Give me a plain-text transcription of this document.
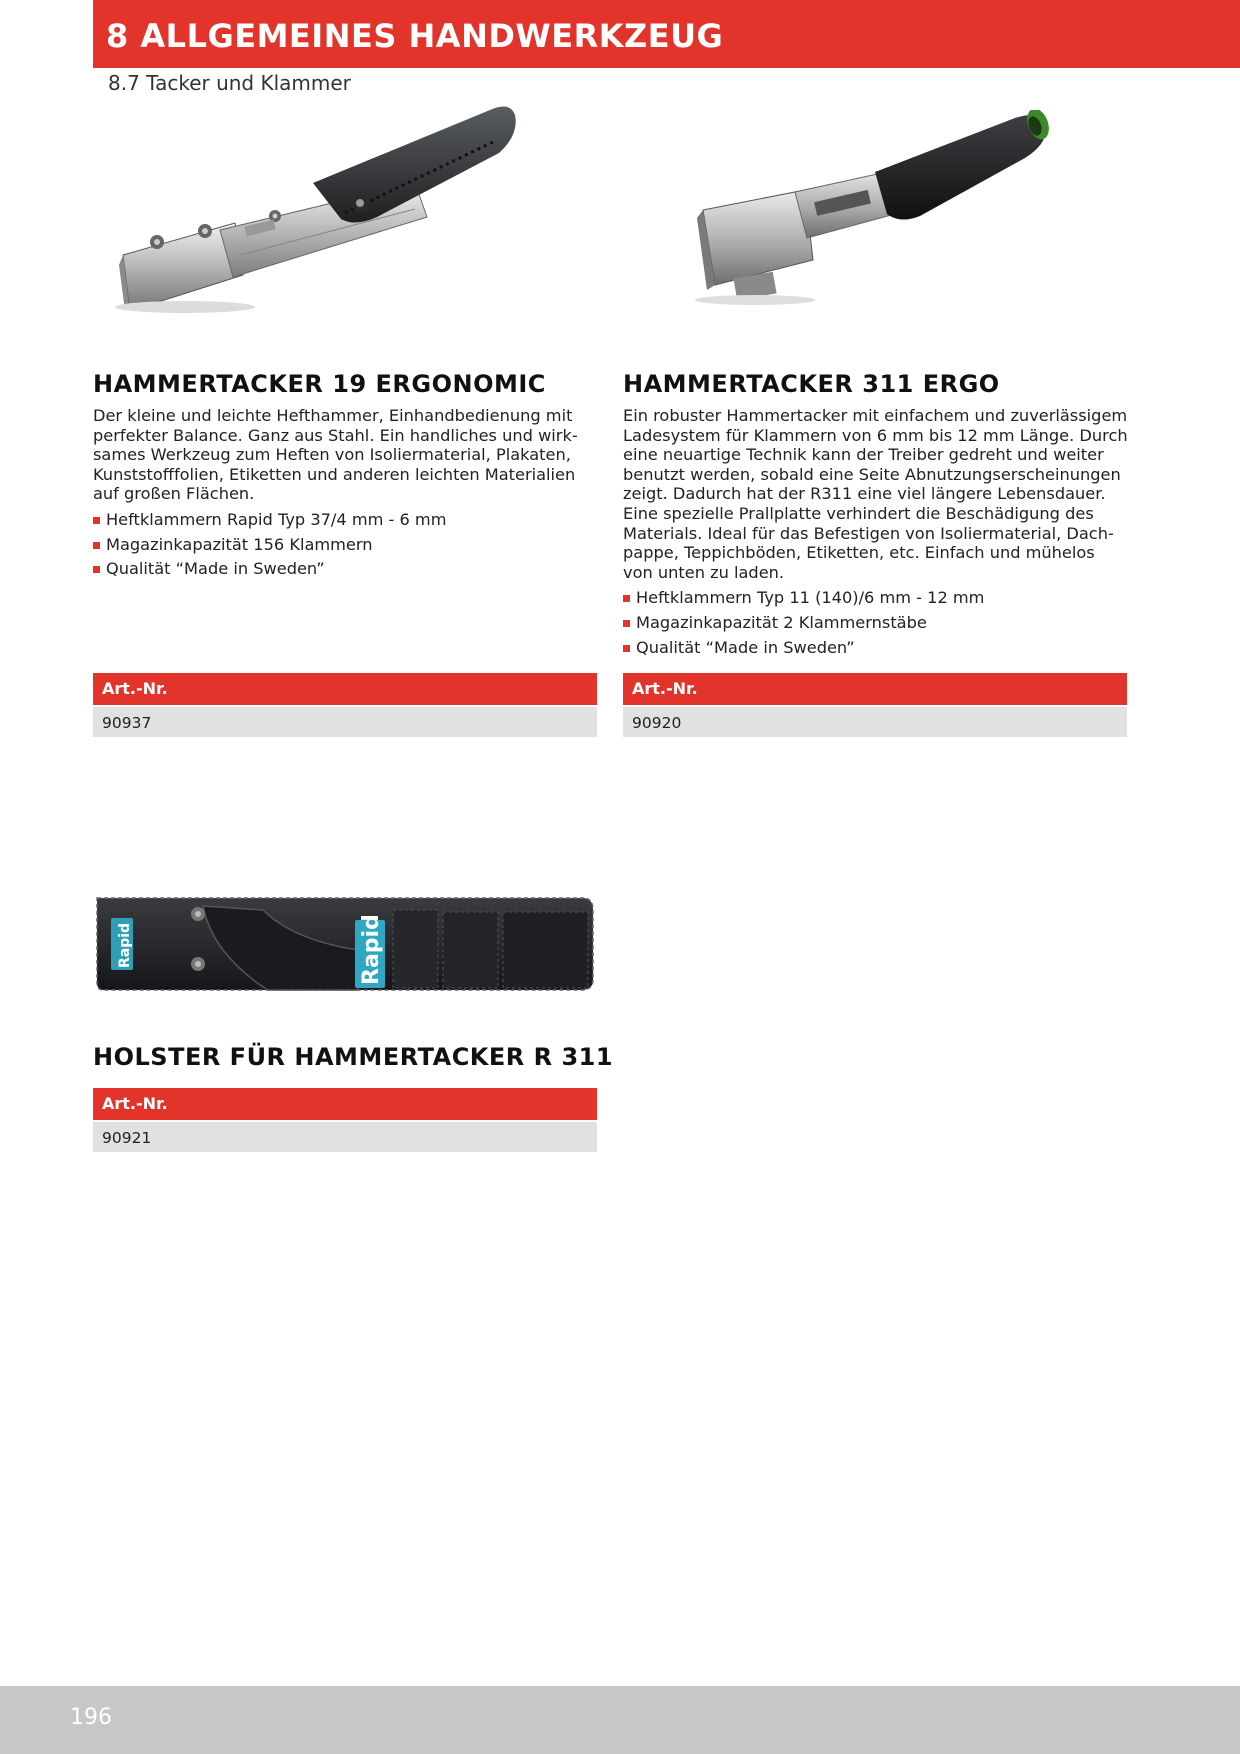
8 ALLGEMEINES HANDWERKZEUG
8.7 Tacker und Klammer
HAMMERTACKER 19 ERGONOMIC

Der kleine und leichte Hefthammer, Einhandbedienung mit perfekter Balance. Ganz aus Stahl. Ein handliches und wirksames Werkzeug zum Heften von Isoliermaterial, Plakaten, Kunststofffolien, Etiketten und anderen leichten Materialien auf großen Flächen.

Heftklammern Rapid Typ 37/4 mm - 6 mm
Magazinkapazität 156 Klammern
Qualität “Made in Sweden”
HAMMERTACKER 311 ERGO

Ein robuster Hammertacker mit einfachem und zuverlässigem Ladesystem für Klammern von 6 mm bis 12 mm Länge. Durch eine neuartige Technik kann der Treiber gedreht und weiter benutzt werden, sobald eine Seite Abnutzungserscheinungen zeigt. Dadurch hat der R311 eine viel längere Lebensdauer. Eine spezielle Prallplatte verhindert die Beschädigung des Materials. Ideal für das Befestigen von Isoliermaterial, Dachpappe, Teppichböden, Etiketten, etc. Einfach und mühelos von unten zu laden.

Heftklammern Typ 11 (140)/6 mm - 12 mm
Magazinkapazität 2 Klammernstäbe
Qualität “Made in Sweden”
Art.-Nr.
90937
Art.-Nr.
90920
Rapid
Rapid
HOLSTER FÜR HAMMERTACKER R 311
Art.-Nr.
90921
196
